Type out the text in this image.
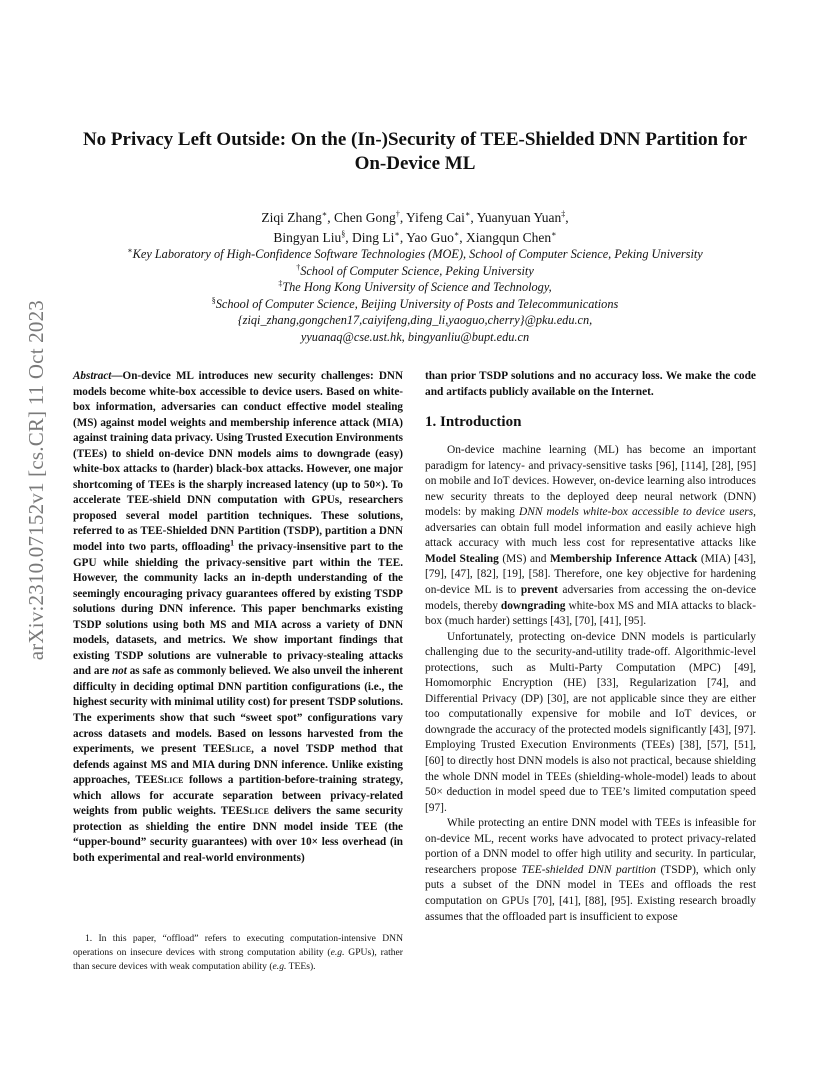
arXiv:2310.07152v1 [cs.CR] 11 Oct 2023
No Privacy Left Outside: On the (In-)Security of TEE-Shielded DNN Partition for On-Device ML
Ziqi Zhang∗, Chen Gong†, Yifeng Cai∗, Yuanyuan Yuan‡,
Bingyan Liu§, Ding Li∗, Yao Guo∗, Xiangqun Chen∗
∗Key Laboratory of High-Confidence Software Technologies (MOE), School of Computer Science, Peking University
†School of Computer Science, Peking University
‡The Hong Kong University of Science and Technology,
§School of Computer Science, Beijing University of Posts and Telecommunications
{ziqi_zhang,gongchen17,caiyifeng,ding_li,yaoguo,cherry}@pku.edu.cn,
yyuanaq@cse.ust.hk, bingyanliu@bupt.edu.cn

Abstract—On-device ML introduces new security challenges: DNN models become white-box accessible to device users. Based on white-box information, adversaries can conduct effective model stealing (MS) against model weights and membership inference attack (MIA) against training data privacy. Using Trusted Execution Environments (TEEs) to shield on-device DNN models aims to downgrade (easy) white-box attacks to (harder) black-box attacks. However, one major shortcoming of TEEs is the sharply increased latency (up to 50×). To accelerate TEE-shield DNN computation with GPUs, researchers proposed several model partition techniques. These solutions, referred to as TEE-Shielded DNN Partition (TSDP), partition a DNN model into two parts, offloading$^1$ the privacy-insensitive part to the GPU while shielding the privacy-sensitive part within the TEE. However, the community lacks an in-depth understanding of the seemingly encouraging privacy guarantees offered by existing TSDP solutions during DNN inference. This paper benchmarks existing TSDP solutions using both MS and MIA across a variety of DNN models, datasets, and metrics. We show important findings that existing TSDP solutions are vulnerable to privacy-stealing attacks and are not as safe as commonly believed. We also unveil the inherent difficulty in deciding optimal DNN partition configurations (i.e., the highest security with minimal utility cost) for present TSDP solutions. The experiments show that such “sweet spot” configurations vary across datasets and models. Based on lessons harvested from the experiments, we present TEESlice, a novel TSDP method that defends against MS and MIA during DNN inference. Unlike existing approaches, TEESlice follows a partition-before-training strategy, which allows for accurate separation between privacy-related weights from public weights. TEESlice delivers the same security protection as shielding the entire DNN model inside TEE (the “upper-bound” security guarantees) with over 10× less overhead (in both experimental and real-world environments)

1. In this paper, “offload” refers to executing computation-intensive DNN operations on insecure devices with strong computation ability (e.g. GPUs), rather than secure devices with weak computation ability (e.g. TEEs).

than prior TSDP solutions and no accuracy loss. We make the code and artifacts publicly available on the Internet.

1. Introduction

On-device machine learning (ML) has become an important paradigm for latency- and privacy-sensitive tasks [96], [114], [28], [95] on mobile and IoT devices. However, on-device learning also introduces new security threats to the deployed deep neural network (DNN) models: by making DNN models white-box accessible to device users, adversaries can obtain full model information and easily achieve high attack accuracy with much less cost for representative attacks like Model Stealing (MS) and Membership Inference Attack (MIA) [43], [79], [47], [82], [19], [58]. Therefore, one key objective for hardening on-device ML is to prevent adversaries from accessing the on-device models, thereby downgrading white-box MS and MIA attacks to black-box (much harder) settings [43], [70], [41], [95].

Unfortunately, protecting on-device DNN models is particularly challenging due to the security-and-utility trade-off. Algorithmic-level protections, such as Multi-Party Computation (MPC) [49], Homomorphic Encryption (HE) [33], Regularization [74], and Differential Privacy (DP) [30], are not applicable since they are either too computationally expensive for mobile and IoT devices, or downgrade the accuracy of the protected models significantly [43], [97]. Employing Trusted Execution Environments (TEEs) [38], [57], [51], [60] to directly host DNN models is also not practical, because shielding the whole DNN model in TEEs (shielding-whole-model) leads to about 50× deduction in model speed due to TEE’s limited computation speed [97].

While protecting an entire DNN model with TEEs is infeasible for on-device ML, recent works have advocated to protect privacy-related portion of a DNN model to offer high utility and security. In particular, researchers propose TEE-shielded DNN partition (TSDP), which only puts a subset of the DNN model in TEEs and offloads the rest computation on GPUs [70], [41], [88], [95]. Existing research broadly assumes that the offloaded part is insufficient to expose
